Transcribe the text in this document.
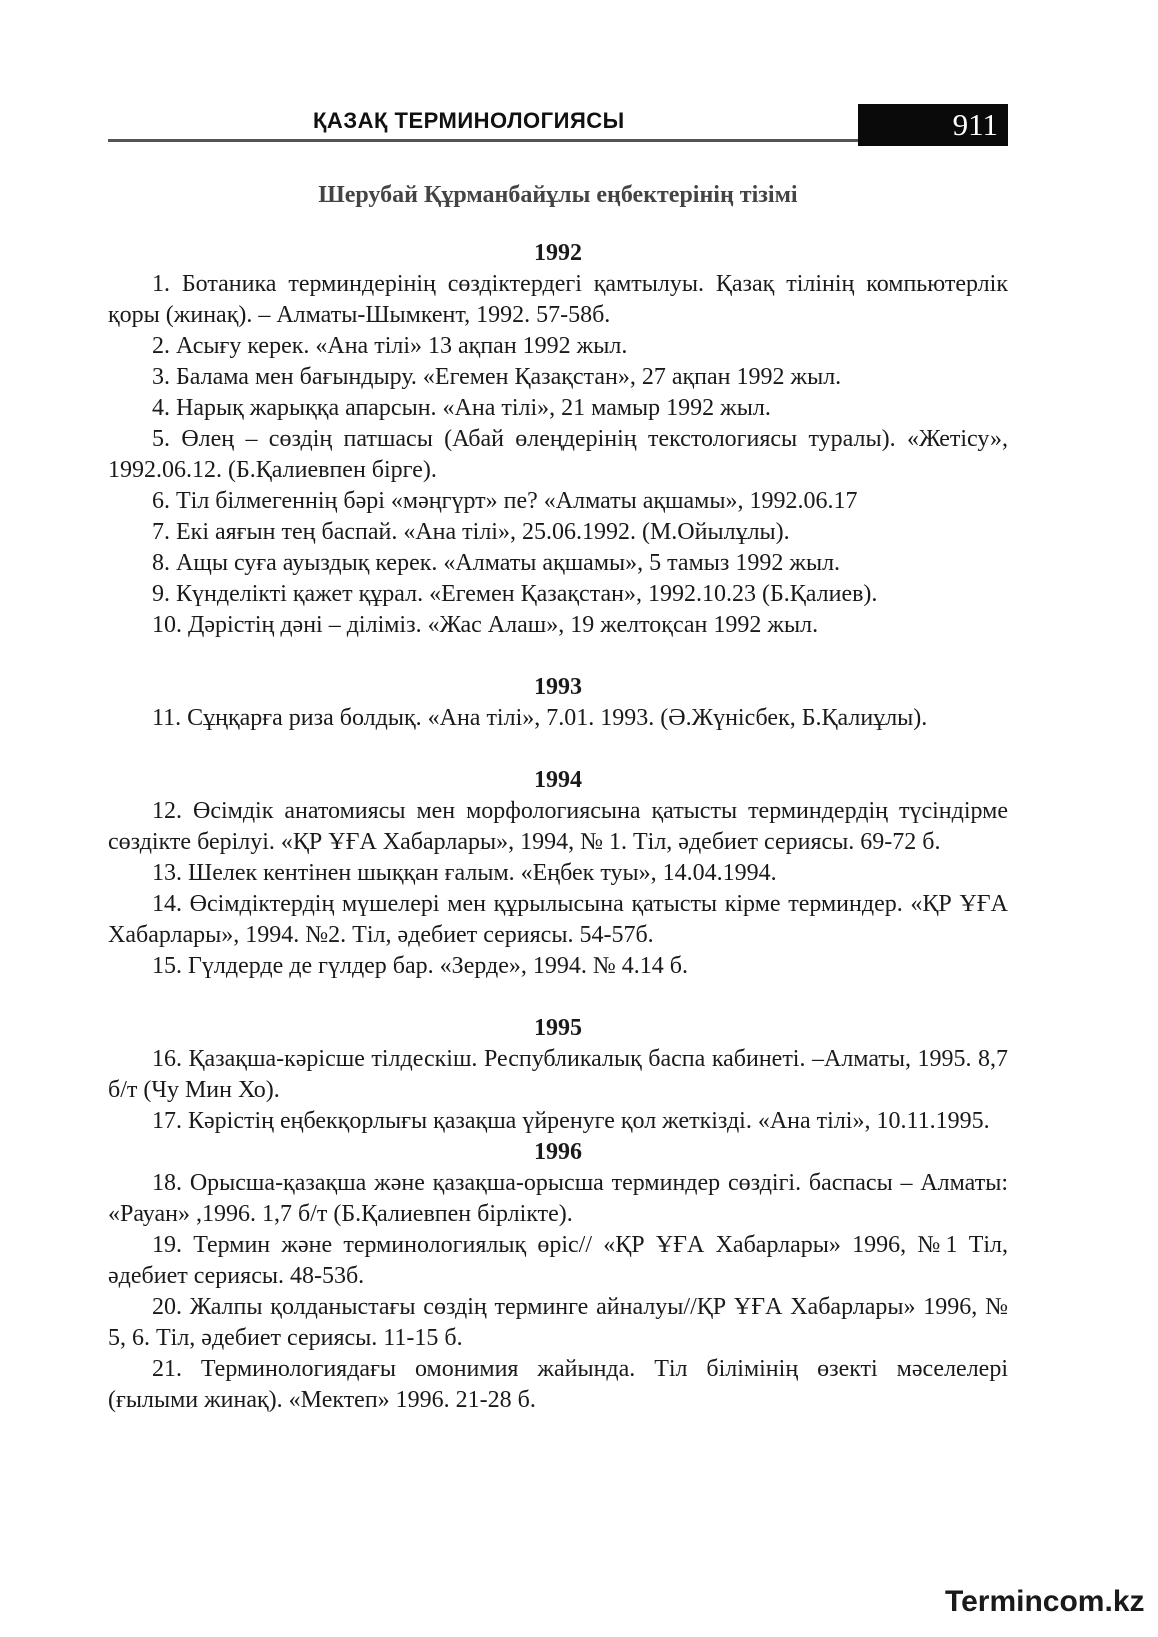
ҚАЗАҚ ТЕРМИНОЛОГИЯСЫ	911
Шерубай Құрманбайұлы еңбектерінің тізімі

1992

1. Ботаника терминдерінің сөздіктердегі қамтылуы. Қазақ тілінің компьютерлік қоры (жинақ). – Алматы-Шымкент, 1992. 57-58б.

2. Асығу керек. «Ана тілі» 13 ақпан 1992 жыл.

3. Балама мен бағындыру. «Егемен Қазақстан», 27 ақпан 1992 жыл.

4. Нарық жарыққа апарсын. «Ана тілі», 21 мамыр 1992 жыл.

5. Өлең – сөздің патшасы (Абай өлеңдерінің текстологиясы туралы). «Жетісу», 1992.06.12. (Б.Қалиевпен бірге).

6. Тіл білмегеннің бәрі «мәңгүрт» пе? «Алматы ақшамы», 1992.06.17

7. Екі аяғын тең баспай. «Ана тілі», 25.06.1992. (М.Ойылұлы).

8. Ащы суға ауыздық керек. «Алматы ақшамы», 5 тамыз 1992 жыл.

9. Күнделікті қажет құрал. «Егемен Қазақстан», 1992.10.23 (Б.Қалиев).

10. Дәрістің дәні – діліміз. «Жас Алаш», 19 желтоқсан 1992 жыл.

1993

11. Сұңқарға риза болдық. «Ана тілі», 7.01. 1993. (Ә.Жүнісбек, Б.Қалиұлы).

1994

12. Өсімдік анатомиясы мен морфологиясына қатысты терминдердің түсіндірме сөздікте берілуі. «ҚР ҰҒА Хабарлары», 1994, № 1. Тіл, әдебиет сериясы. 69-72 б.

13. Шелек кентінен шыққан ғалым. «Еңбек туы», 14.04.1994.

14. Өсімдіктердің мүшелері мен құрылысына қатысты кірме терминдер. «ҚР ҰҒА Хабарлары», 1994. №2. Тіл, әдебиет сериясы. 54-57б.

15. Гүлдерде де гүлдер бар. «Зерде», 1994. № 4.14 б.

1995

16. Қазақша-кәрісше тілдескіш. Республикалық баспа кабинеті. –Алматы, 1995. 8,7 б/т (Чу Мин Хо).

17. Кәрістің еңбекқорлығы қазақша үйренуге қол жеткізді. «Ана тілі», 10.11.1995.

1996

18. Орысша-қазақша және қазақша-орысша терминдер сөздігі. баспасы – Алматы: «Рауан» ,1996. 1,7 б/т (Б.Қалиевпен бірлікте).

19. Термин және терминологиялық өріс// «ҚР ҰҒА Хабарлары» 1996, №1 Тіл, әдебиет сериясы. 48-53б.

20. Жалпы қолданыстағы сөздің терминге айналуы//ҚР ҰҒА Хабарлары» 1996, № 5, 6. Тіл, әдебиет сериясы. 11-15 б.

21. Терминологиядағы омонимия жайында. Тіл білімінің өзекті мәселелері (ғылыми жинақ). «Мектеп» 1996. 21-28 б.

Termincom.kz
